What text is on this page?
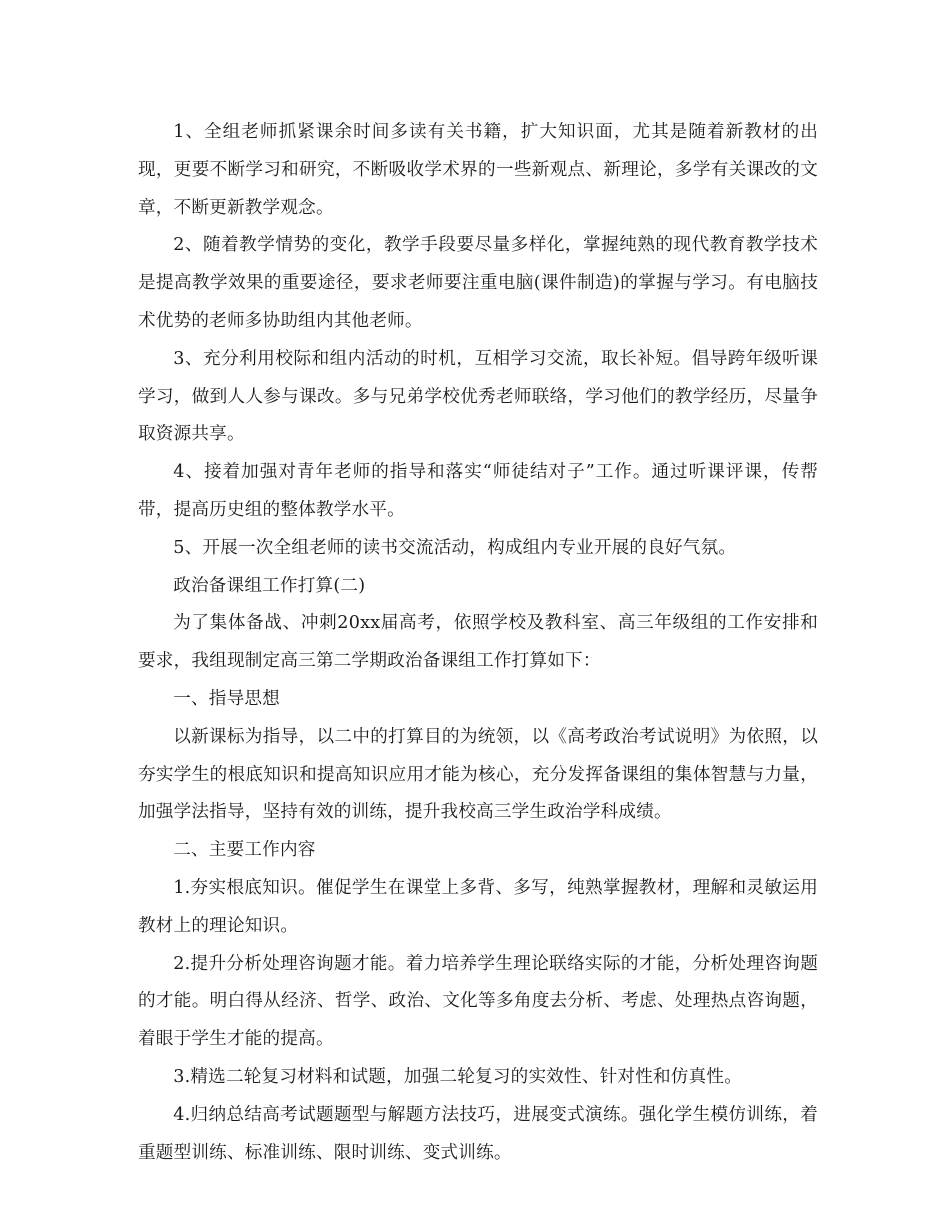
1、全组老师抓紧课余时间多读有关书籍，扩大知识面，尤其是随着新教材的出现，更要不断学习和研究，不断吸收学术界的一些新观点、新理论，多学有关课改的文章，不断更新教学观念。

2、随着教学情势的变化，教学手段要尽量多样化，掌握纯熟的现代教育教学技术是提高教学效果的重要途径，要求老师要注重电脑(课件制造)的掌握与学习。有电脑技术优势的老师多协助组内其他老师。

3、充分利用校际和组内活动的时机，互相学习交流，取长补短。倡导跨年级听课学习，做到人人参与课改。多与兄弟学校优秀老师联络，学习他们的教学经历，尽量争取资源共享。

4、接着加强对青年老师的指导和落实“师徒结对子”工作。通过听课评课，传帮带，提高历史组的整体教学水平。

5、开展一次全组老师的读书交流活动，构成组内专业开展的良好气氛。

政治备课组工作打算(二)

为了集体备战、冲刺20xx届高考，依照学校及教科室、高三年级组的工作安排和要求，我组现制定高三第二学期政治备课组工作打算如下：

一、指导思想

以新课标为指导，以二中的打算目的为统领，以《高考政治考试说明》为依照，以夯实学生的根底知识和提高知识应用才能为核心，充分发挥备课组的集体智慧与力量，加强学法指导，坚持有效的训练，提升我校高三学生政治学科成绩。

二、主要工作内容

1.夯实根底知识。催促学生在课堂上多背、多写，纯熟掌握教材，理解和灵敏运用教材上的理论知识。

2.提升分析处理咨询题才能。着力培养学生理论联络实际的才能，分析处理咨询题的才能。明白得从经济、哲学、政治、文化等多角度去分析、考虑、处理热点咨询题，着眼于学生才能的提高。

3.精选二轮复习材料和试题，加强二轮复习的实效性、针对性和仿真性。

4.归纳总结高考试题题型与解题方法技巧，进展变式演练。强化学生模仿训练，着重题型训练、标准训练、限时训练、变式训练。
